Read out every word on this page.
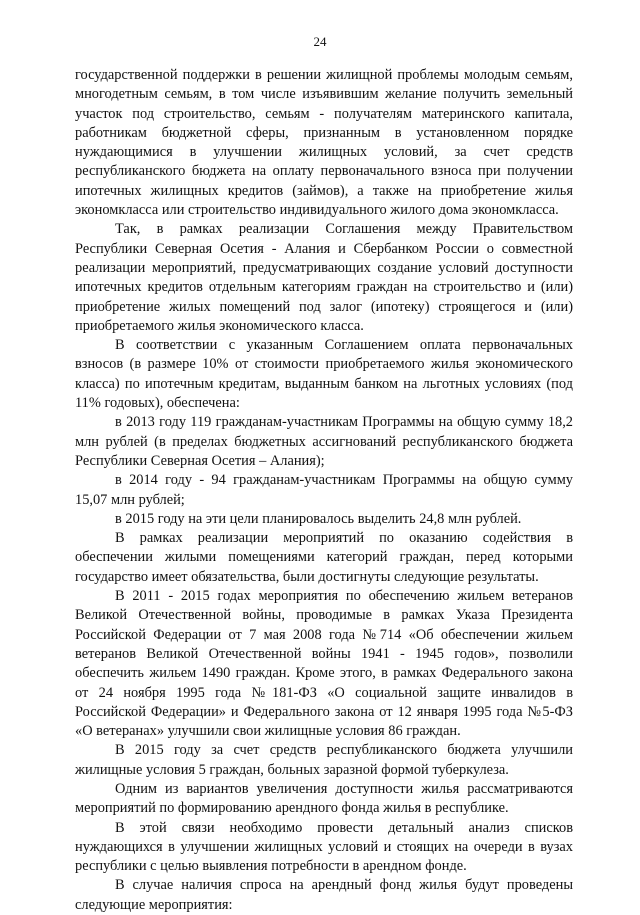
24

государственной поддержки в решении жилищной проблемы молодым семьям, многодетным семьям, в том числе изъявившим желание получить земельный участок под строительство, семьям - получателям материнского капитала, работникам бюджетной сферы, признанным в установленном порядке нуждающимися в улучшении жилищных условий, за счет средств республиканского бюджета на оплату первоначального взноса при получении ипотечных жилищных кредитов (займов), а также на приобретение жилья экономкласса или строительство индивидуального жилого дома экономкласса.

Так, в рамках реализации Соглашения между Правительством Республики Северная Осетия - Алания и Сбербанком России о совместной реализации мероприятий, предусматривающих создание условий доступности ипотечных кредитов отдельным категориям граждан на строительство и (или) приобретение жилых помещений под залог (ипотеку) строящегося и (или) приобретаемого жилья экономического класса.

В соответствии с указанным Соглашением оплата первоначальных взносов (в размере 10% от стоимости приобретаемого жилья экономического класса) по ипотечным кредитам, выданным банком на льготных условиях (под 11% годовых), обеспечена:

в 2013 году 119 гражданам-участникам Программы на общую сумму 18,2 млн рублей (в пределах бюджетных ассигнований республиканского бюджета Республики Северная Осетия – Алания);

в 2014 году - 94 гражданам-участникам Программы на общую сумму 15,07 млн рублей;

в 2015 году на эти цели планировалось выделить 24,8 млн рублей.

В рамках реализации мероприятий по оказанию содействия в обеспечении жилыми помещениями категорий граждан, перед которыми государство имеет обязательства, были достигнуты следующие результаты.

В 2011 - 2015 годах мероприятия по обеспечению жильем ветеранов Великой Отечественной войны, проводимые в рамках Указа Президента Российской Федерации от 7 мая 2008 года №714 «Об обеспечении жильем ветеранов Великой Отечественной войны 1941 - 1945 годов», позволили обеспечить жильем 1490 граждан. Кроме этого, в рамках Федерального закона от 24 ноября 1995 года №181-ФЗ «О социальной защите инвалидов в Российской Федерации» и Федерального закона от 12 января 1995 года №5-ФЗ «О ветеранах» улучшили свои жилищные условия 86 граждан.

В 2015 году за счет средств республиканского бюджета улучшили жилищные условия 5 граждан, больных заразной формой туберкулеза.

Одним из вариантов увеличения доступности жилья рассматриваются мероприятий по формированию арендного фонда жилья в республике.

В этой связи необходимо провести детальный анализ списков нуждающихся в улучшении жилищных условий и стоящих на очереди в вузах республики с целью выявления потребности в арендном фонде.

В случае наличия спроса на арендный фонд жилья будут проведены следующие мероприятия:
